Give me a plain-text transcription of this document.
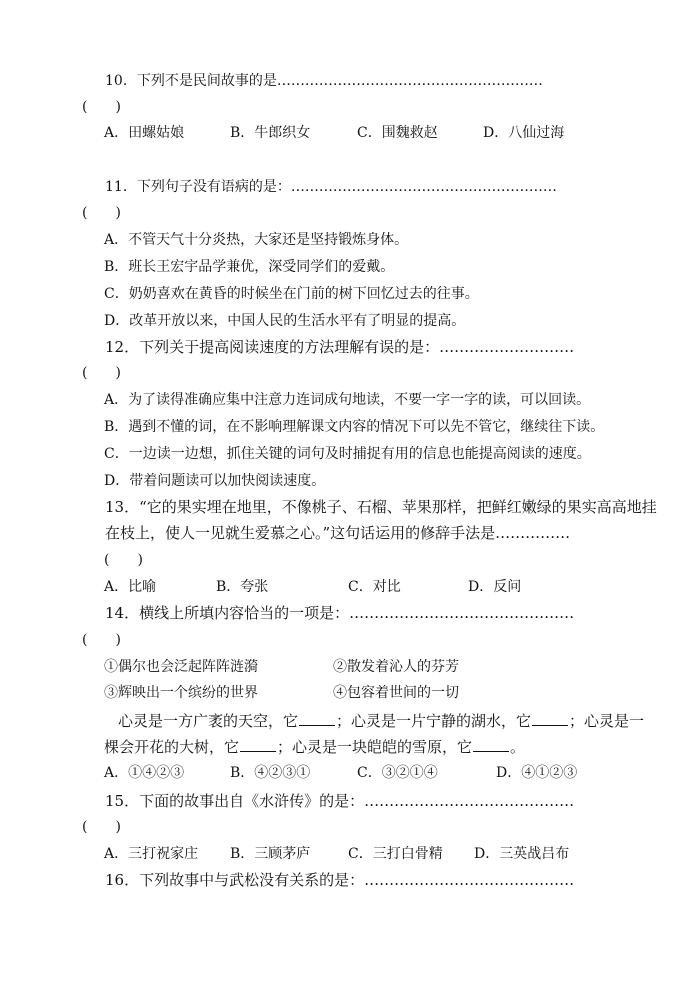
10．下列不是民间故事的是…………………………………………………
(　　)
A．田螺姑娘	B．牛郎织女	C．围魏救赵	D．八仙过海
11．下列句子没有语病的是：…………………………………………………
(　　)
A．不管天气十分炎热，大家还是坚持锻炼身体。
B．班长王宏宇品学兼优，深受同学们的爱戴。
C．奶奶喜欢在黄昏的时候坐在门前的树下回忆过去的往事。
D．改革开放以来，中国人民的生活水平有了明显的提高。
12．下列关于提高阅读速度的方法理解有误的是：………………………
(　　)
A．为了读得准确应集中注意力连词成句地读，不要一字一字的读，可以回读。
B．遇到不懂的词，在不影响理解课文内容的情况下可以先不管它，继续往下读。
C．一边读一边想，抓住关键的词句及时捕捉有用的信息也能提高阅读的速度。
D．带着问题读可以加快阅读速度。
13．“它的果实埋在地里，不像桃子、石榴、苹果那样，把鲜红嫩绿的果实高高地挂
在枝上，使人一见就生爱慕之心。”这句话运用的修辞手法是……………
(　　)
A．比喻	B．夸张	C．对比	D．反问
14．横线上所填内容恰当的一项是：………………………………………
(　　)
①偶尔也会泛起阵阵涟漪	②散发着沁人的芬芳
③辉映出一个缤纷的世界	④包容着世间的一切
心灵是一方广袤的天空，它	；心灵是一片宁静的湖水，它	；心灵是一
棵会开花的大树，它	；心灵是一块皑皑的雪原，它	。
A．①④②③	B．④②③①	C．③②①④	D．④①②③
15．下面的故事出自《水浒传》的是：……………………………………
(　　)
A．三打祝家庄 B．三顾茅庐	C．三打白骨精 D．三英战吕布
16．下列故事中与武松没有关系的是：……………………………………
